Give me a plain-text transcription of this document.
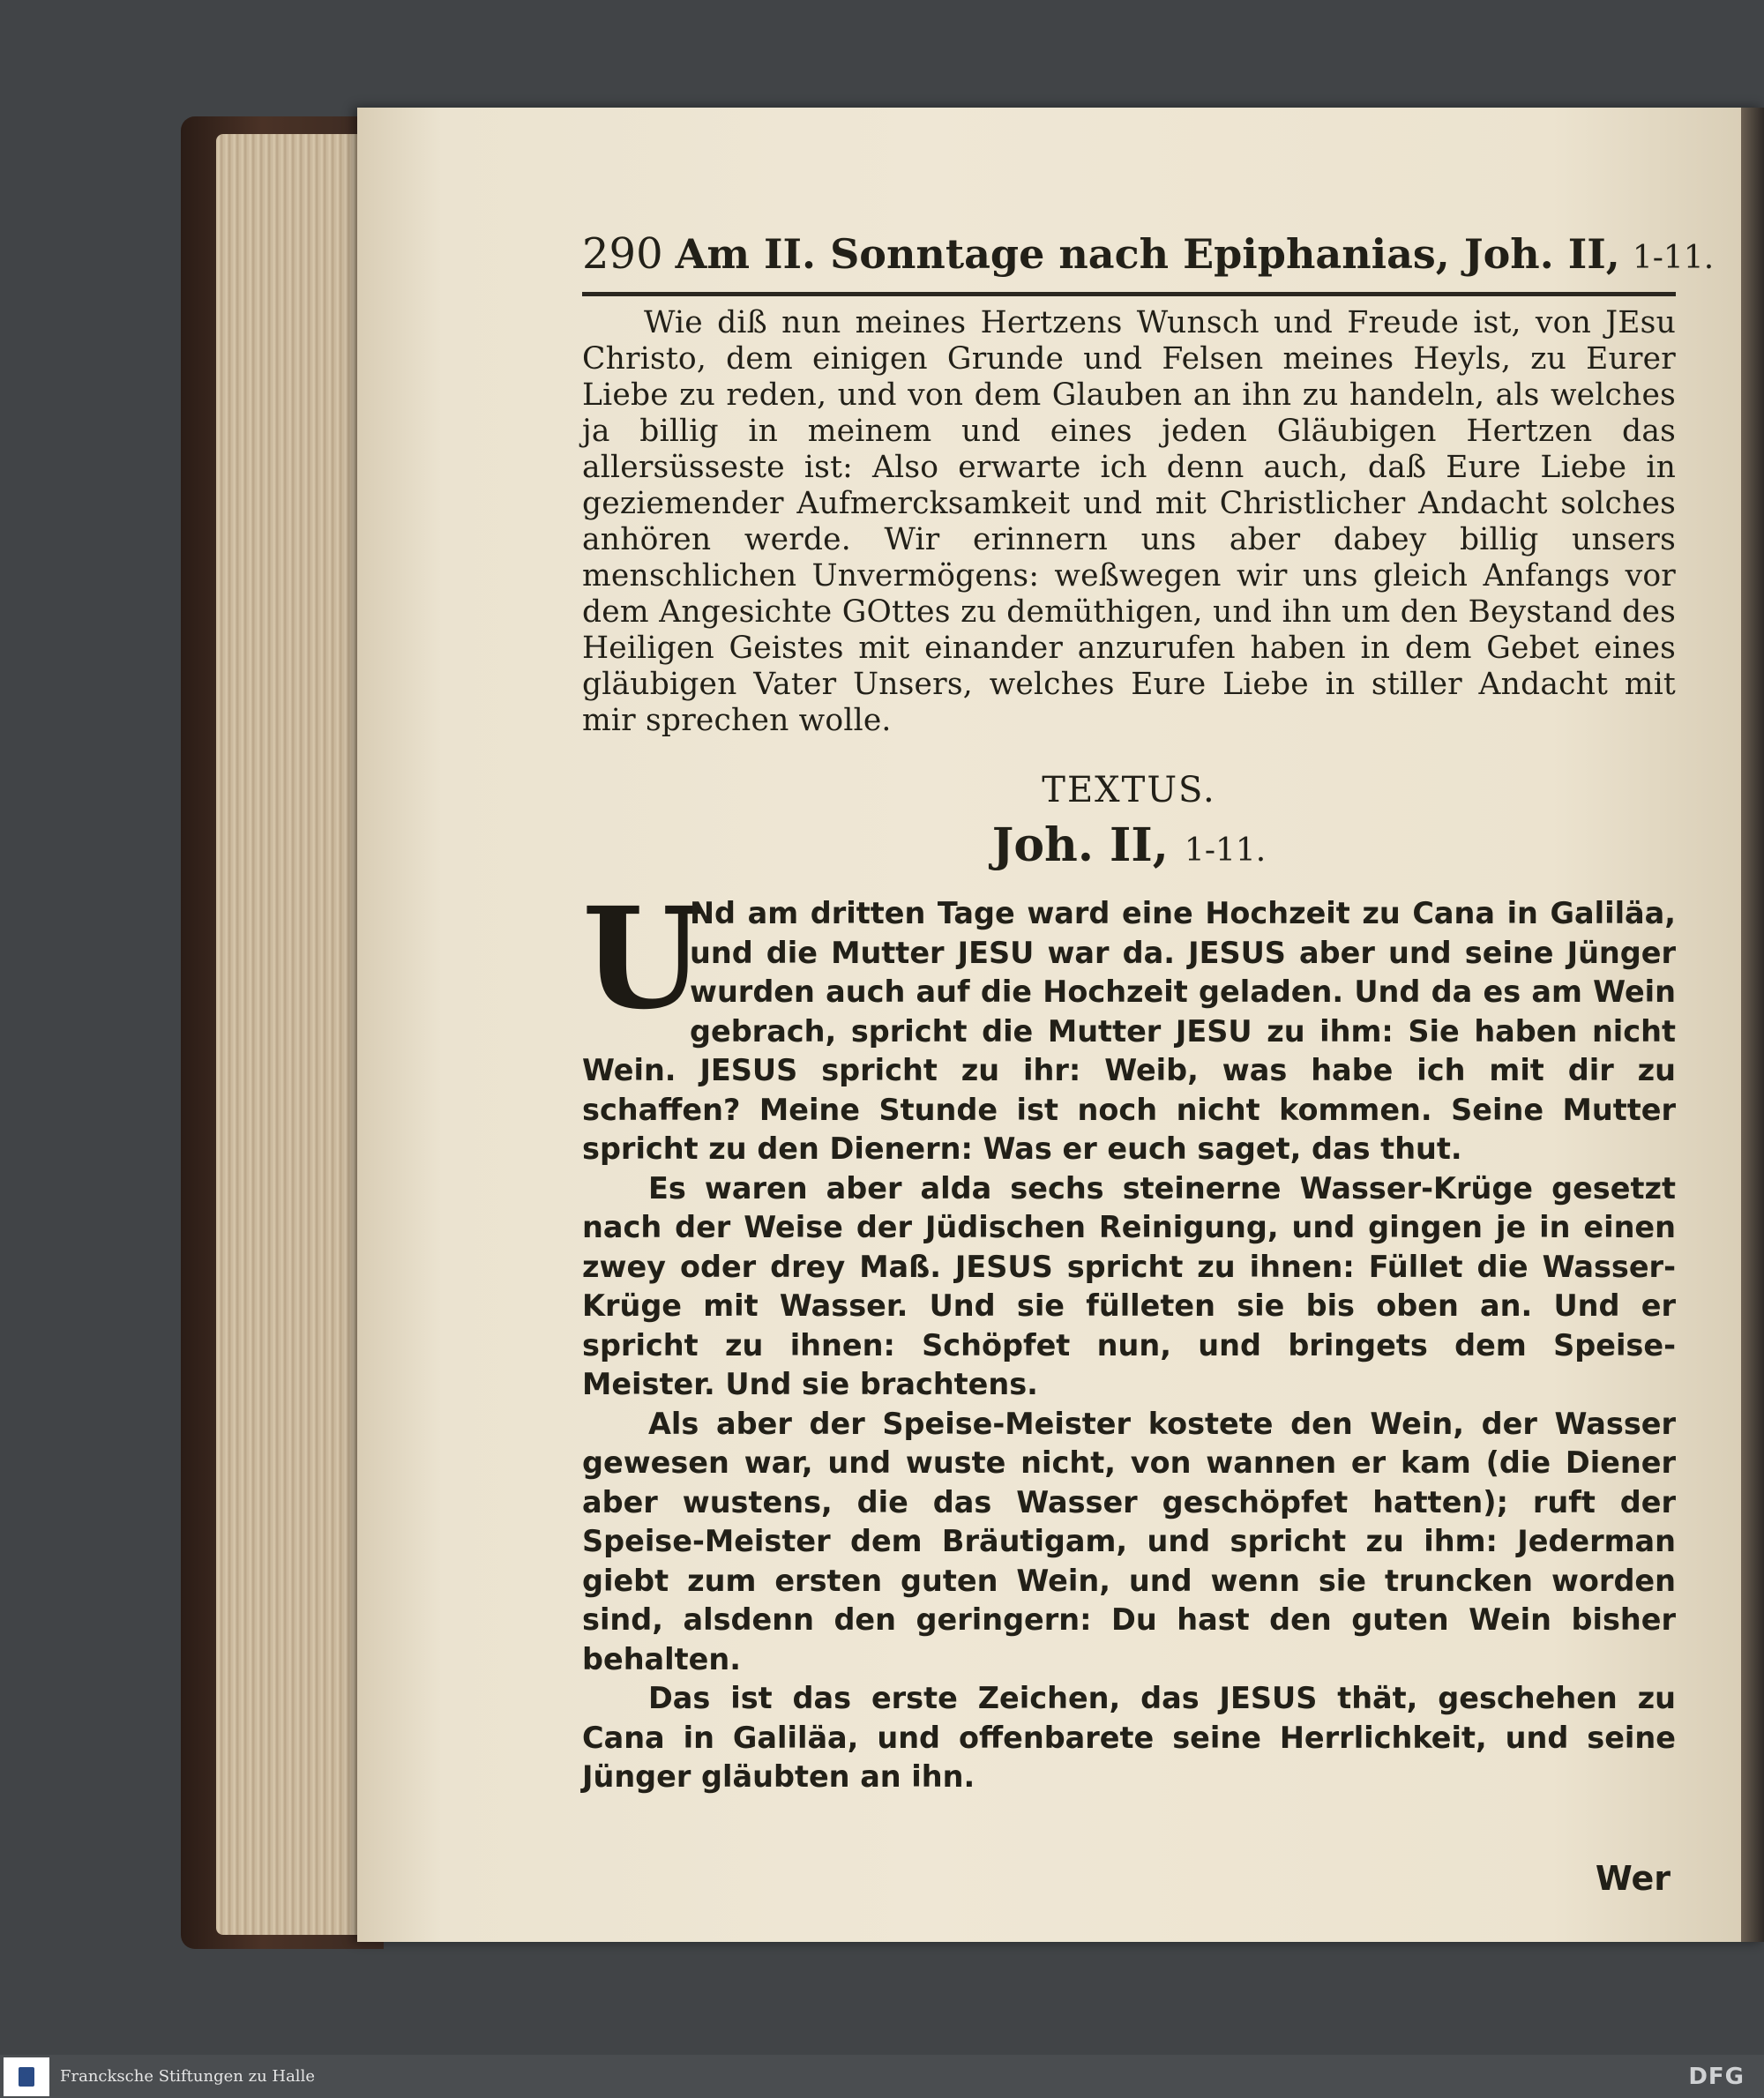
290 Am II. Sonntage nach Epiphanias, Joh. II, 1-11.

Wie diß nun meines Hertzens Wunsch und Freude ist, von JEsu Christo, dem einigen Grunde und Felsen meines Heyls, zu Eurer Liebe zu reden, und von dem Glauben an ihn zu handeln, als welches ja billig in meinem und eines jeden Gläubigen Hertzen das allersüsseste ist: Also erwarte ich denn auch, daß Eure Liebe in geziemender Aufmercksamkeit und mit Christlicher Andacht solches anhören werde. Wir erinnern uns aber dabey billig unsers menschlichen Unvermögens: weßwegen wir uns gleich Anfangs vor dem Angesichte GOttes zu demüthigen, und ihn um den Beystand des Heiligen Geistes mit einander anzurufen haben in dem Gebet eines gläubigen Vater Unsers, welches Eure Liebe in stiller Andacht mit mir sprechen wolle.

TEXTUS.
Joh. II, 1-11.

U
Nd am dritten Tage ward eine Hochzeit zu Cana in Galiläa, und die Mutter JESU war da. JESUS aber und seine Jünger wurden auch auf die Hochzeit geladen. Und da es am Wein gebrach, spricht die Mutter JESU zu ihm: Sie haben nicht Wein. JESUS spricht zu ihr: Weib, was habe ich mit dir zu schaffen? Meine Stunde ist noch nicht kommen. Seine Mutter spricht zu den Dienern: Was er euch saget, das thut.

Es waren aber alda sechs steinerne Wasser-Krüge gesetzt nach der Weise der Jüdischen Reinigung, und gingen je in einen zwey oder drey Maß. JESUS spricht zu ihnen: Füllet die Wasser-Krüge mit Wasser. Und sie fülleten sie bis oben an. Und er spricht zu ihnen: Schöpfet nun, und bringets dem Speise-Meister. Und sie brachtens.

Als aber der Speise-Meister kostete den Wein, der Wasser gewesen war, und wuste nicht, von wannen er kam (die Diener aber wustens, die das Wasser geschöpfet hatten); ruft der Speise-Meister dem Bräutigam, und spricht zu ihm: Jederman giebt zum ersten guten Wein, und wenn sie truncken worden sind, alsdenn den geringern: Du hast den guten Wein bisher behalten.

Das ist das erste Zeichen, das JESUS thät, geschehen zu Cana in Galiläa, und offenbarete seine Herrlichkeit, und seine Jünger gläubten an ihn.

Wer
Francksche Stiftungen zu Halle	DFG
